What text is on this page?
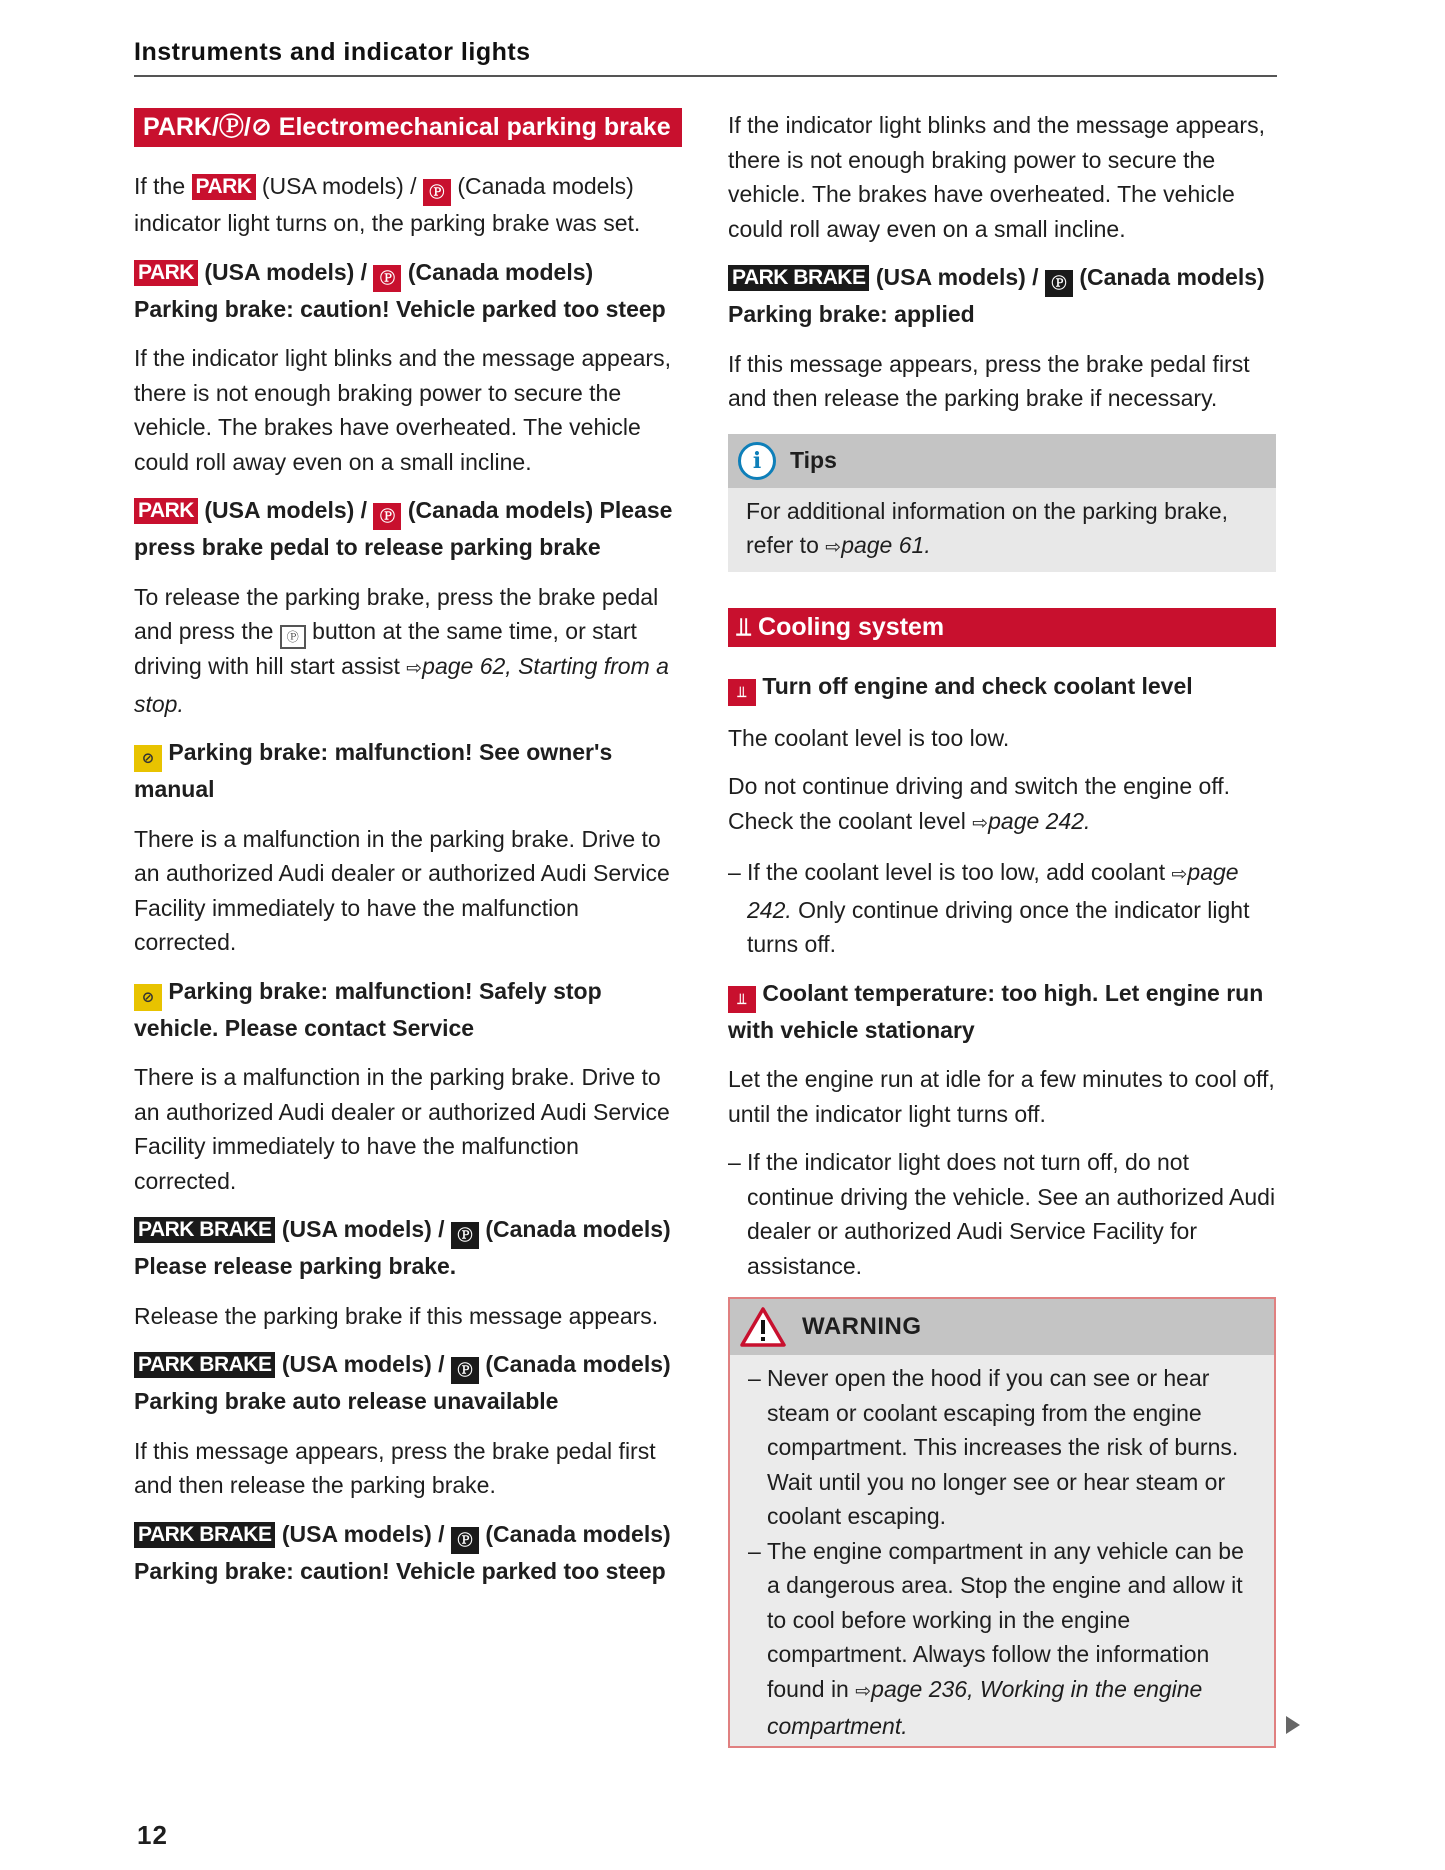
Instruments and indicator lights
PARK/Ⓟ/⊘ Electromechanical parking brake

If the PARK (USA models) / Ⓟ (Canada models) indicator light turns on, the parking brake was set.

PARK (USA models) / Ⓟ (Canada models) Parking brake: caution! Vehicle parked too steep

If the indicator light blinks and the message appears, there is not enough braking power to secure the vehicle. The brakes have overheated. The vehicle could roll away even on a small incline.

PARK (USA models) / Ⓟ (Canada models) Please press brake pedal to release parking brake

To release the parking brake, press the brake pedal and press the Ⓟ button at the same time, or start driving with hill start assist ⇨page 62, Starting from a stop.

⊘ Parking brake: malfunction! See owner's manual

There is a malfunction in the parking brake. Drive to an authorized Audi dealer or authorized Audi Service Facility immediately to have the malfunction corrected.

⊘ Parking brake: malfunction! Safely stop vehicle. Please contact Service

There is a malfunction in the parking brake. Drive to an authorized Audi dealer or authorized Audi Service Facility immediately to have the malfunction corrected.

PARK BRAKE (USA models) / Ⓟ (Canada models) Please release parking brake.

Release the parking brake if this message appears.

PARK BRAKE (USA models) / Ⓟ (Canada models) Parking brake auto release unavailable

If this message appears, press the brake pedal first and then release the parking brake.

PARK BRAKE (USA models) / Ⓟ (Canada models) Parking brake: caution! Vehicle parked too steep

If the indicator light blinks and the message appears, there is not enough braking power to secure the vehicle. The brakes have overheated. The vehicle could roll away even on a small incline.

PARK BRAKE (USA models) / Ⓟ (Canada models) Parking brake: applied

If this message appears, press the brake pedal first and then release the parking brake if necessary.

i	Tips
For additional information on the parking brake, refer to ⇨page 61.
⫫ Cooling system
⫫ Turn off engine and check coolant level

The coolant level is too low.

Do not continue driving and switch the engine off. Check the coolant level ⇨page 242.

– If the coolant level is too low, add coolant ⇨page 242. Only continue driving once the indicator light turns off.
⫫ Coolant temperature: too high. Let engine run with vehicle stationary

Let the engine run at idle for a few minutes to cool off, until the indicator light turns off.

– If the indicator light does not turn off, do not continue driving the vehicle. See an authorized Audi dealer or authorized Audi Service Facility for assistance.
WARNING
– Never open the hood if you can see or hear steam or coolant escaping from the engine compartment. This increases the risk of burns. Wait until you no longer see or hear steam or coolant escaping.
– The engine compartment in any vehicle can be a dangerous area. Stop the engine and allow it to cool before working in the engine compartment. Always follow the information found in ⇨page 236, Working in the engine compartment.
12
